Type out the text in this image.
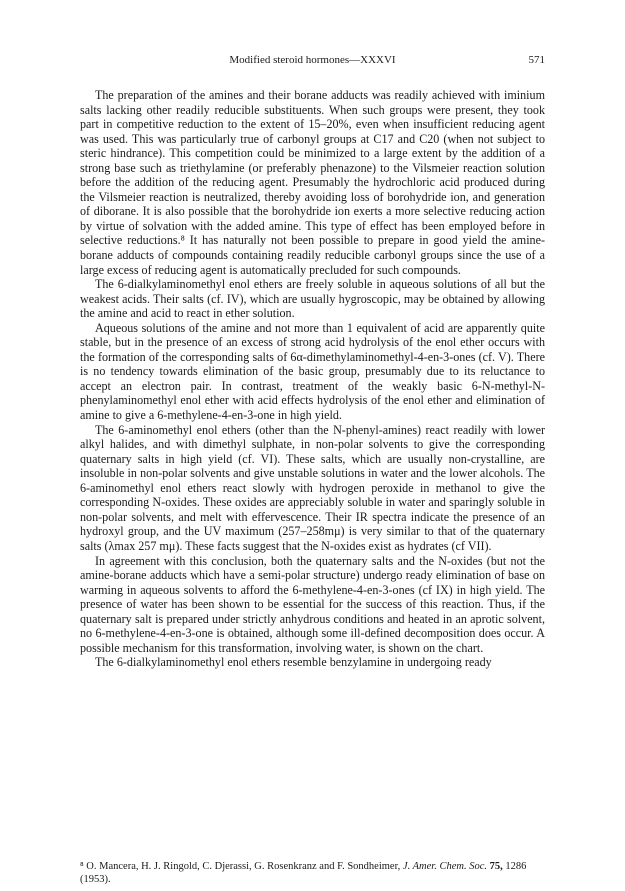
Modified steroid hormones—XXXVI	571

The preparation of the amines and their borane adducts was readily achieved with iminium salts lacking other readily reducible substituents. When such groups were present, they took part in competitive reduction to the extent of 15–20%, even when insufficient reducing agent was used. This was particularly true of carbonyl groups at C17 and C20 (when not subject to steric hindrance). This competition could be minimized to a large extent by the addition of a strong base such as triethylamine (or preferably phenazone) to the Vilsmeier reaction solution before the addition of the reducing agent. Presumably the hydrochloric acid produced during the Vilsmeier reaction is neutralized, thereby avoiding loss of borohydride ion, and generation of diborane. It is also possible that the borohydride ion exerts a more selective reducing action by virtue of solvation with the added amine. This type of effect has been employed before in selective reductions.⁸ It has naturally not been possible to prepare in good yield the amine-borane adducts of compounds containing readily reducible carbonyl groups since the use of a large excess of reducing agent is automatically precluded for such compounds.

The 6-dialkylaminomethyl enol ethers are freely soluble in aqueous solutions of all but the weakest acids. Their salts (cf. IV), which are usually hygroscopic, may be obtained by allowing the amine and acid to react in ether solution.

Aqueous solutions of the amine and not more than 1 equivalent of acid are apparently quite stable, but in the presence of an excess of strong acid hydrolysis of the enol ether occurs with the formation of the corresponding salts of 6α-dimethylaminomethyl-4-en-3-ones (cf. V). There is no tendency towards elimination of the basic group, presumably due to its reluctance to accept an electron pair. In contrast, treatment of the weakly basic 6-N-methyl-N-phenylaminomethyl enol ether with acid effects hydrolysis of the enol ether and elimination of amine to give a 6-methylene-4-en-3-one in high yield.

The 6-aminomethyl enol ethers (other than the N-phenyl-amines) react readily with lower alkyl halides, and with dimethyl sulphate, in non-polar solvents to give the corresponding quaternary salts in high yield (cf. VI). These salts, which are usually non-crystalline, are insoluble in non-polar solvents and give unstable solutions in water and the lower alcohols. The 6-aminomethyl enol ethers react slowly with hydrogen peroxide in methanol to give the corresponding N-oxides. These oxides are appreciably soluble in water and sparingly soluble in non-polar solvents, and melt with effervescence. Their IR spectra indicate the presence of an hydroxyl group, and the UV maximum (257–258mμ) is very similar to that of the quaternary salts (λmax 257 mμ). These facts suggest that the N-oxides exist as hydrates (cf VII).

In agreement with this conclusion, both the quaternary salts and the N-oxides (but not the amine-borane adducts which have a semi-polar structure) undergo ready elimination of base on warming in aqueous solvents to afford the 6-methylene-4-en-3-ones (cf IX) in high yield. The presence of water has been shown to be essential for the success of this reaction. Thus, if the quaternary salt is prepared under strictly anhydrous conditions and heated in an aprotic solvent, no 6-methylene-4-en-3-one is obtained, although some ill-defined decomposition does occur. A possible mechanism for this transformation, involving water, is shown on the chart.

The 6-dialkylaminomethyl enol ethers resemble benzylamine in undergoing ready

⁸ O. Mancera, H. J. Ringold, C. Djerassi, G. Rosenkranz and F. Sondheimer, J. Amer. Chem. Soc. 75, 1286 (1953).
